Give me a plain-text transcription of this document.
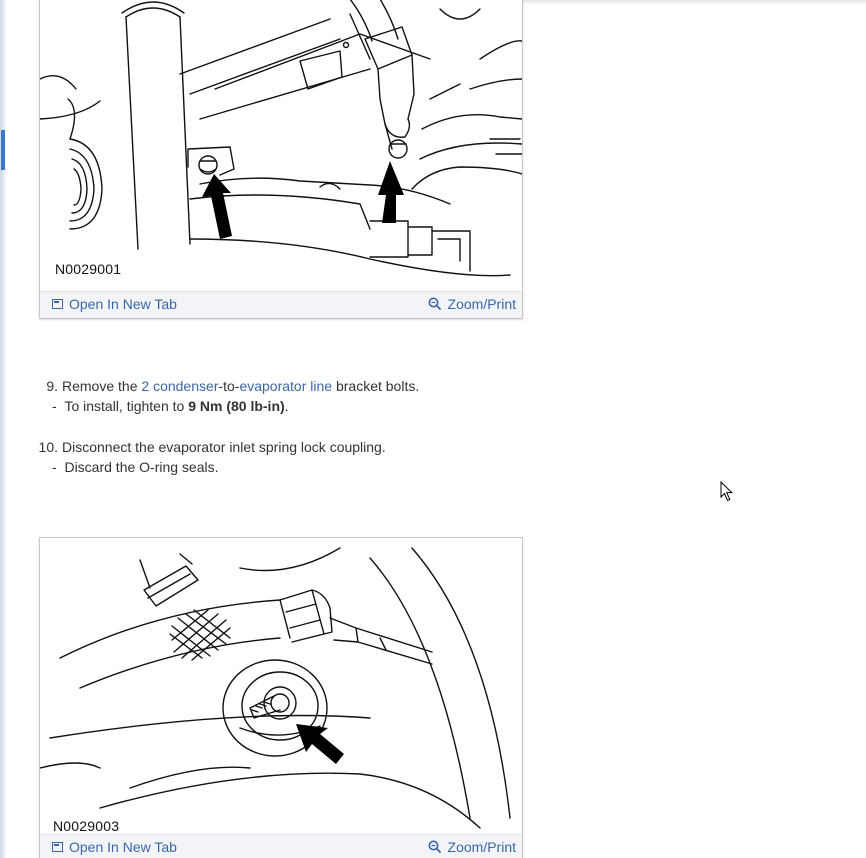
N0029001
Open In New Tab	Zoom/Print
9. Remove the 2 condenser-to-evaporator line bracket bolts.
-  To install, tighten to 9 Nm (80 lb-in).
10. Disconnect the evaporator inlet spring lock coupling.
-  Discard the O-ring seals.
N0029003
Open In New Tab	Zoom/Print
